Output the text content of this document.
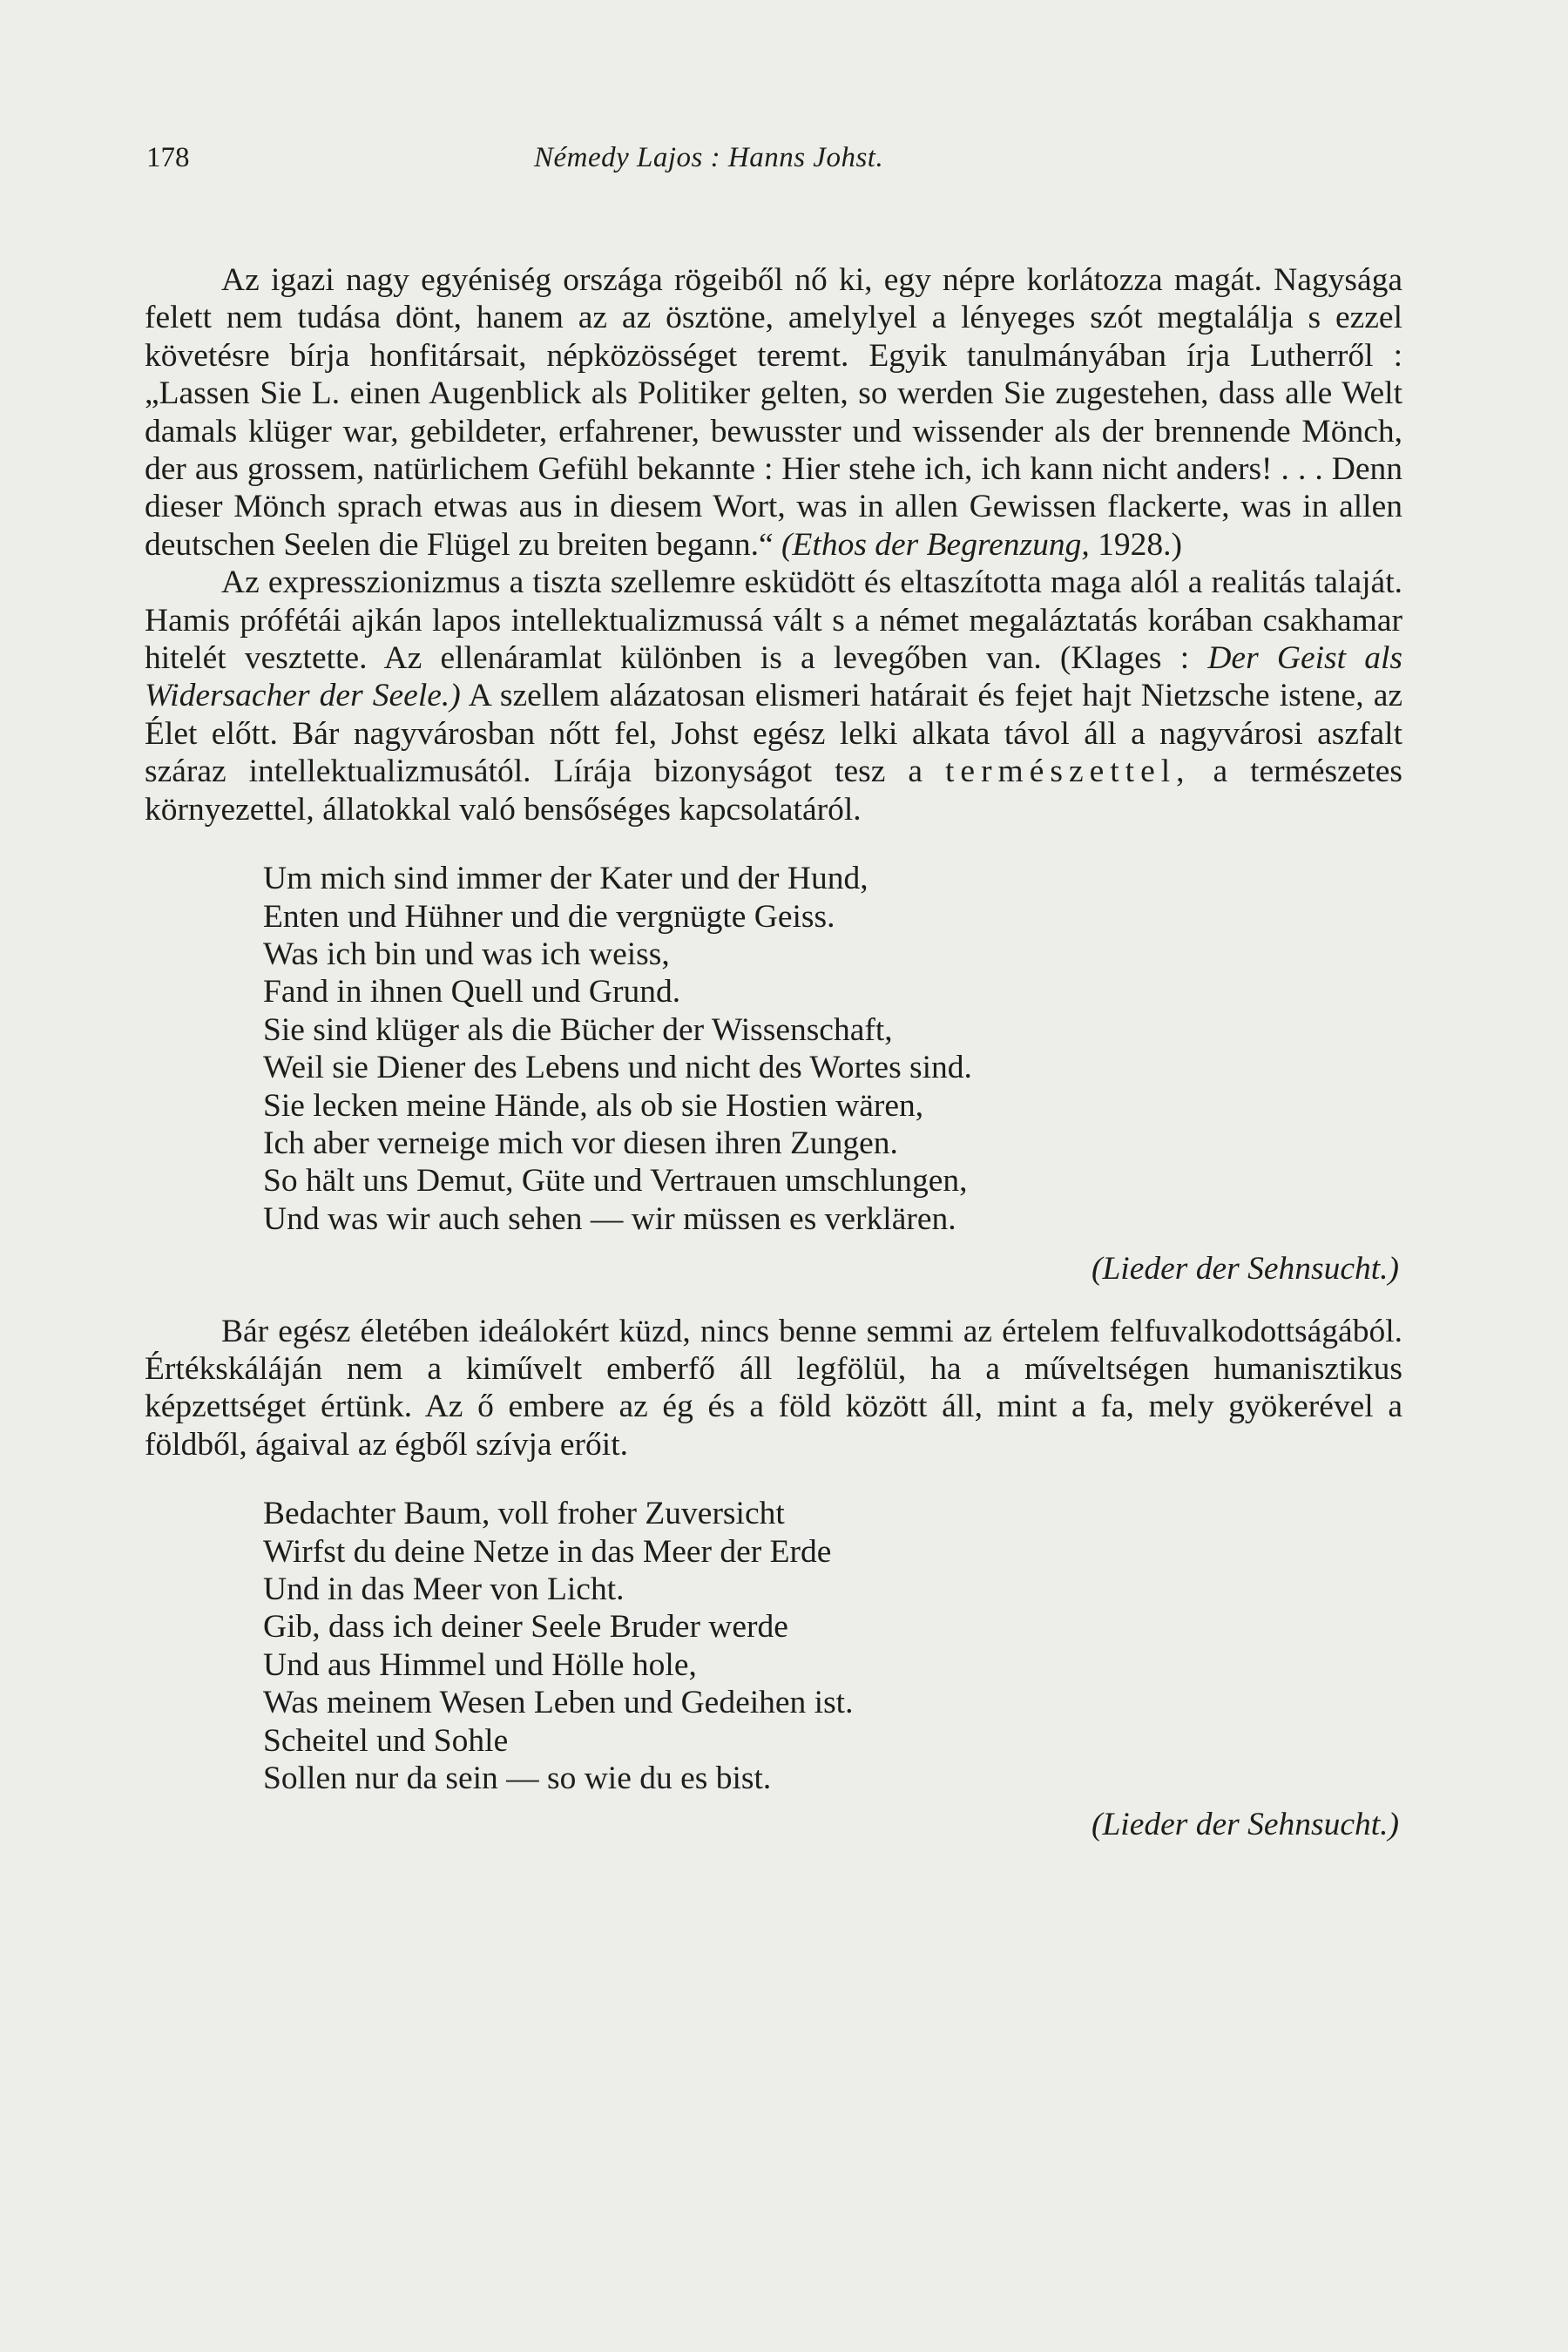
178	Némedy Lajos : Hanns Johst.

Az igazi nagy egyéniség országa rögeiből nő ki, egy népre korlátozza magát. Nagysága felett nem tudása dönt, hanem az az ösztöne, amelylyel a lényeges szót megtalálja s ezzel követésre bírja honfitársait, népközösséget teremt. Egyik tanulmányában írja Lutherről : „Lassen Sie L. einen Augenblick als Politiker gelten, so werden Sie zugestehen, dass alle Welt damals klüger war, gebildeter, erfahrener, bewusster und wissender als der brennende Mönch, der aus grossem, natürlichem Gefühl bekannte : Hier stehe ich, ich kann nicht anders! . . . Denn dieser Mönch sprach etwas aus in diesem Wort, was in allen Gewissen flackerte, was in allen deutschen Seelen die Flügel zu breiten begann.“ (Ethos der Begrenzung, 1928.)

Az expresszionizmus a tiszta szellemre esküdött és eltaszította maga alól a realitás talaját. Hamis prófétái ajkán lapos intellektualizmussá vált s a német megaláztatás korában csakhamar hitelét vesztette. Az ellenáramlat különben is a levegőben van. (Klages : Der Geist als Widersacher der Seele.) A szellem alázatosan elismeri határait és fejet hajt Nietzsche istene, az Élet előtt. Bár nagyvárosban nőtt fel, Johst egész lelki alkata távol áll a nagyvárosi aszfalt száraz intellektualizmusától. Lírája bizonyságot tesz a természettel, a természetes környezettel, állatokkal való bensőséges kapcsolatáról.

Um mich sind immer der Kater und der Hund,
Enten und Hühner und die vergnügte Geiss.
Was ich bin und was ich weiss,
Fand in ihnen Quell und Grund.
Sie sind klüger als die Bücher der Wissenschaft,
Weil sie Diener des Lebens und nicht des Wortes sind.
Sie lecken meine Hände, als ob sie Hostien wären,
Ich aber verneige mich vor diesen ihren Zungen.
So hält uns Demut, Güte und Vertrauen umschlungen,
Und was wir auch sehen — wir müssen es verklären.
(Lieder der Sehnsucht.)

Bár egész életében ideálokért küzd, nincs benne semmi az értelem felfuvalkodottságából. Értékskáláján nem a kiművelt emberfő áll legfölül, ha a műveltségen humanisztikus képzettséget értünk. Az ő embere az ég és a föld között áll, mint a fa, mely gyökerével a földből, ágaival az égből szívja erőit.

Bedachter Baum, voll froher Zuversicht
Wirfst du deine Netze in das Meer der Erde
Und in das Meer von Licht.
Gib, dass ich deiner Seele Bruder werde
Und aus Himmel und Hölle hole,
Was meinem Wesen Leben und Gedeihen ist.
Scheitel und Sohle
Sollen nur da sein — so wie du es bist.
(Lieder der Sehnsucht.)
